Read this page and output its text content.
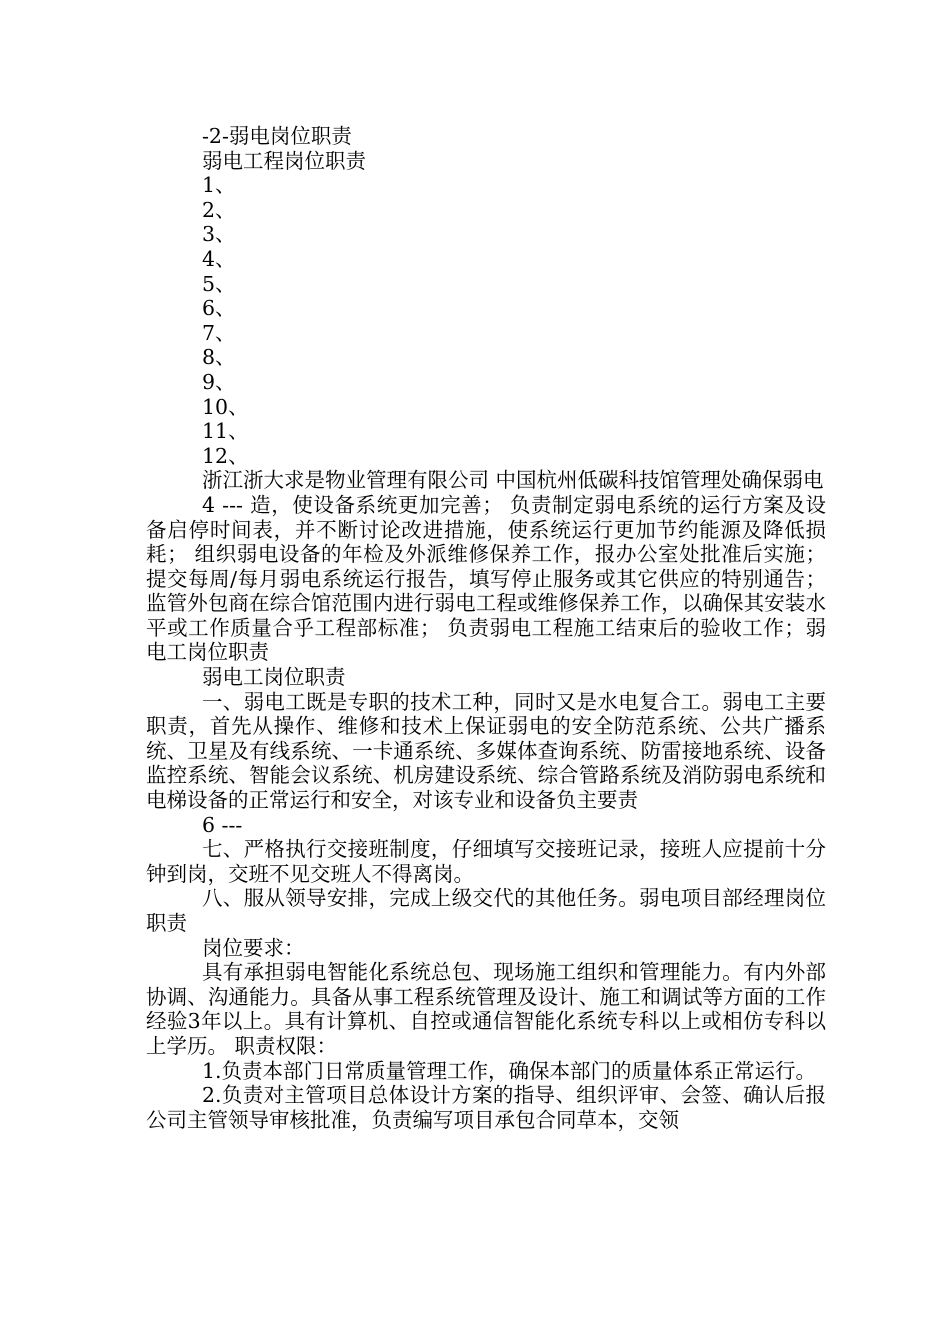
-2-弱电岗位职责
弱电工程岗位职责
1、
2、
3、
4、
5、
6、
7、
8、
9、
10、
11、
12、
浙江浙大求是物业管理有限公司 中国杭州低碳科技馆管理处确保弱电
4 --- 造，使设备系统更加完善； 负责制定弱电系统的运行方案及设备启停时间表，并不断讨论改进措施，使系统运行更加节约能源及降低损耗； 组织弱电设备的年检及外派维修保养工作，报办公室处批准后实施； 提交每周/每月弱电系统运行报告，填写停止服务或其它供应的特别通告； 监管外包商在综合馆范围内进行弱电工程或维修保养工作，以确保其安装水平或工作质量合乎工程部标准； 负责弱电工程施工结束后的验收工作；弱电工岗位职责
弱电工岗位职责
一、弱电工既是专职的技术工种，同时又是水电复合工。弱电工主要职责，首先从操作、维修和技术上保证弱电的安全防范系统、公共广播系统、卫星及有线系统、一卡通系统、多媒体查询系统、防雷接地系统、设备监控系统、智能会议系统、机房建设系统、综合管路系统及消防弱电系统和电梯设备的正常运行和安全，对该专业和设备负主要责
6 ---
七、严格执行交接班制度，仔细填写交接班记录，接班人应提前十分钟到岗，交班不见交班人不得离岗。
八、服从领导安排，完成上级交代的其他任务。弱电项目部经理岗位职责
岗位要求：
具有承担弱电智能化系统总包、现场施工组织和管理能力。有内外部协调、沟通能力。具备从事工程系统管理及设计、施工和调试等方面的工作经验3年以上。具有计算机、自控或通信智能化系统专科以上或相仿专科以上学历。 职责权限：
1.负责本部门日常质量管理工作，确保本部门的质量体系正常运行。
2.负责对主管项目总体设计方案的指导、组织评审、会签、确认后报公司主管领导审核批准，负责编写项目承包合同草本，交领
